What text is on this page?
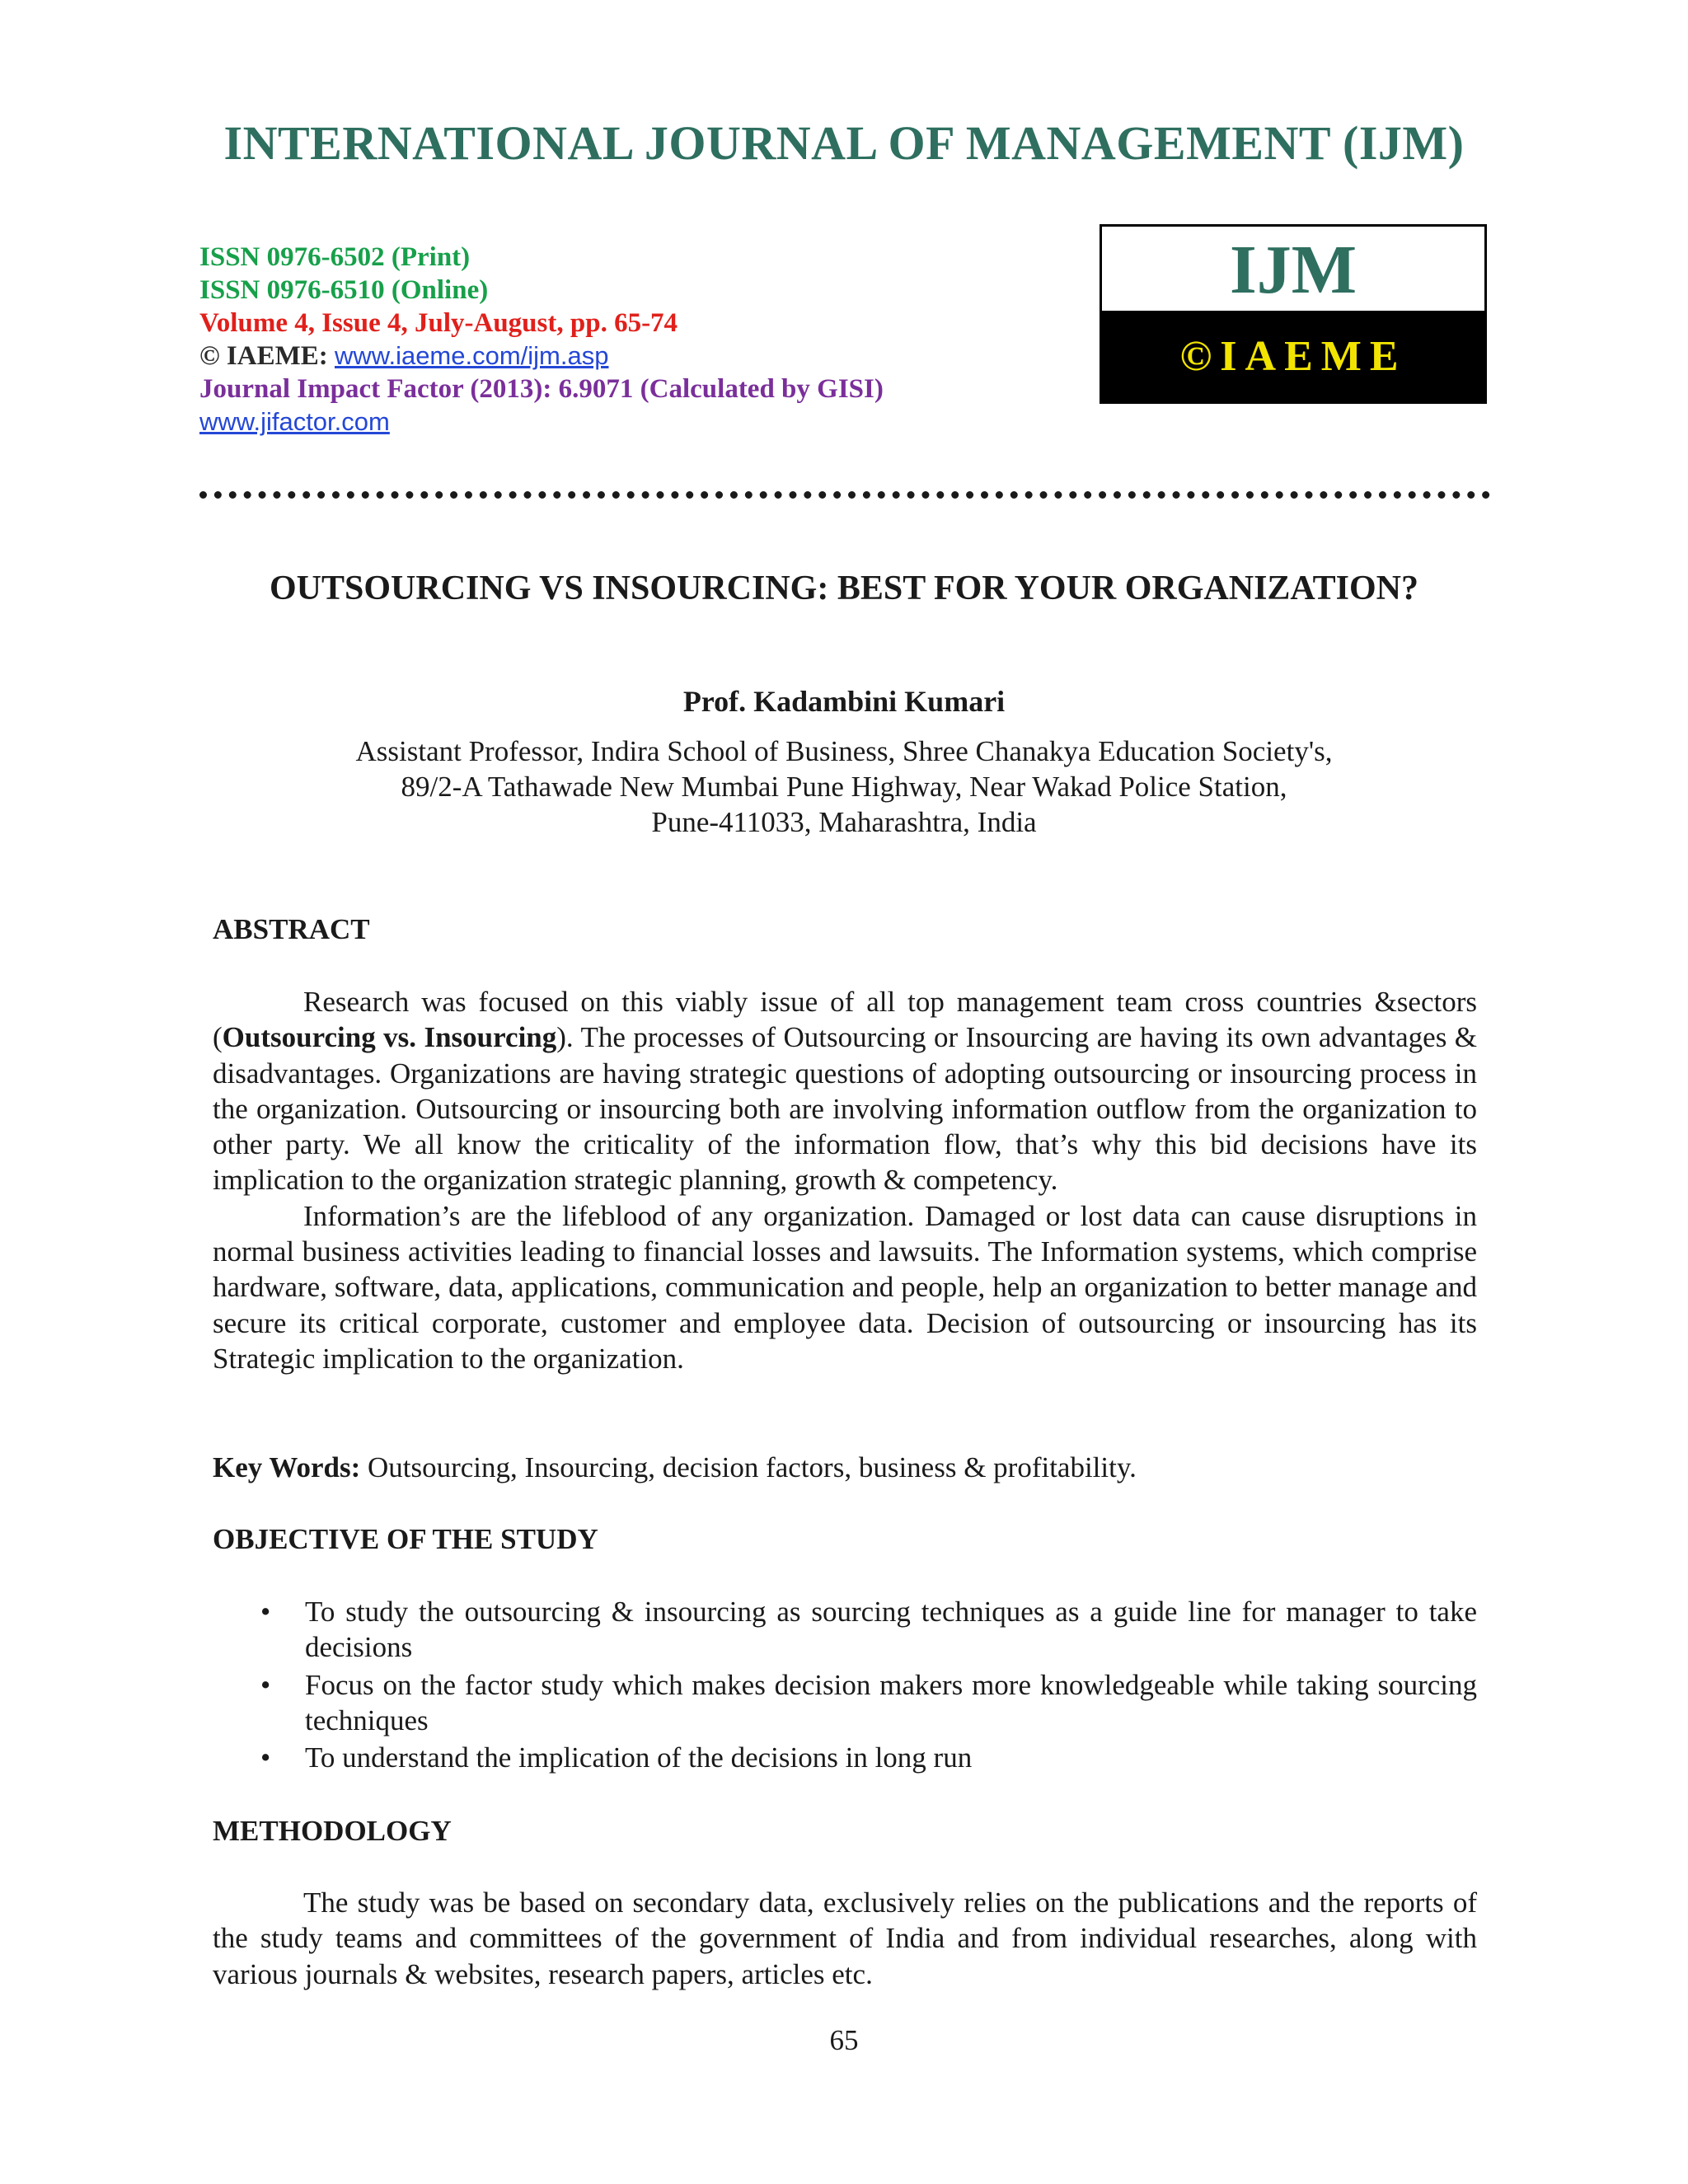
INTERNATIONAL JOURNAL OF MANAGEMENT (IJM)
ISSN 0976-6502 (Print)
ISSN 0976-6510 (Online)
Volume 4, Issue 4, July-August, pp. 65-74
© IAEME: www.iaeme.com/ijm.asp
Journal Impact Factor (2013): 6.9071 (Calculated by GISI)
www.jifactor.com
IJM
©IAEME
OUTSOURCING VS INSOURCING: BEST FOR YOUR ORGANIZATION?
Prof. Kadambini Kumari
Assistant Professor, Indira School of Business, Shree Chanakya Education Society's,
89/2-A Tathawade New Mumbai Pune Highway, Near Wakad Police Station,
Pune-411033, Maharashtra, India
ABSTRACT

Research was focused on this viably issue of all top management team cross countries &sectors (Outsourcing vs. Insourcing). The processes of Outsourcing or Insourcing are having its own advantages & disadvantages. Organizations are having strategic questions of adopting outsourcing or insourcing process in the organization. Outsourcing or insourcing both are involving information outflow from the organization to other party. We all know the criticality of the information flow, that’s why this bid decisions have its implication to the organization strategic planning, growth & competency.

Information’s are the lifeblood of any organization. Damaged or lost data can cause disruptions in normal business activities leading to financial losses and lawsuits. The Information systems, which comprise hardware, software, data, applications, communication and people, help an organization to better manage and secure its critical corporate, customer and employee data. Decision of outsourcing or insourcing has its Strategic implication to the organization.

Key Words: Outsourcing, Insourcing, decision factors, business & profitability.
OBJECTIVE OF THE STUDY
• To study the outsourcing & insourcing as sourcing techniques as a guide line for manager to take decisions
• Focus on the factor study which makes decision makers more knowledgeable while taking sourcing techniques
• To understand the implication of the decisions in long run
METHODOLOGY

The study was be based on secondary data, exclusively relies on the publications and the reports of the study teams and committees of the government of India and from individual researches, along with various journals & websites, research papers, articles etc.

65
